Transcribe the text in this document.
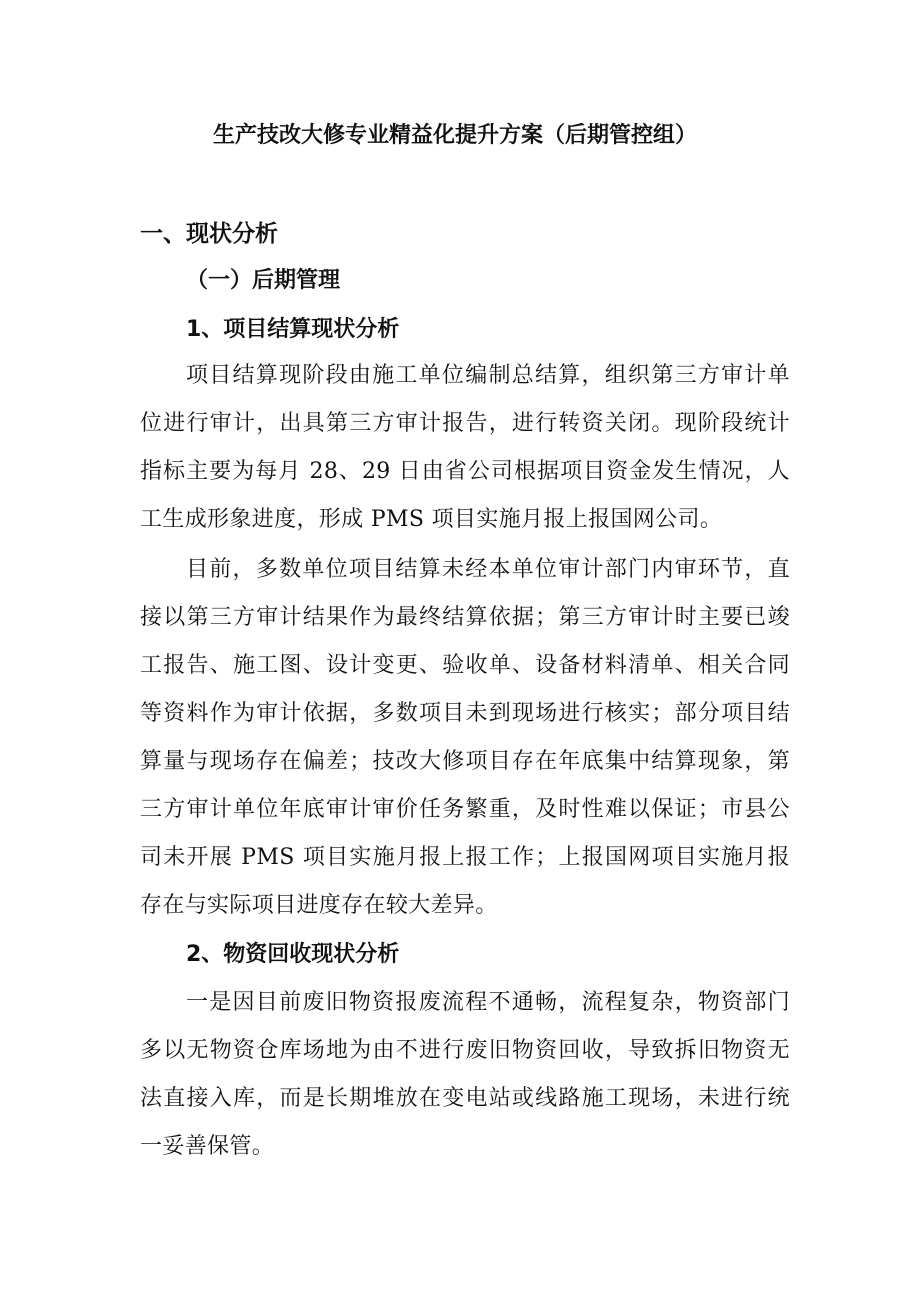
生产技改大修专业精益化提升方案（后期管控组）
一、现状分析
（一）后期管理
1、项目结算现状分析
项目结算现阶段由施工单位编制总结算，组织第三方审计单
位进行审计，出具第三方审计报告，进行转资关闭。现阶段统计
指标主要为每月 28、29 日由省公司根据项目资金发生情况，人
工生成形象进度，形成 PMS 项目实施月报上报国网公司。
目前，多数单位项目结算未经本单位审计部门内审环节，直
接以第三方审计结果作为最终结算依据；第三方审计时主要已竣
工报告、施工图、设计变更、验收单、设备材料清单、相关合同
等资料作为审计依据，多数项目未到现场进行核实；部分项目结
算量与现场存在偏差；技改大修项目存在年底集中结算现象，第
三方审计单位年底审计审价任务繁重，及时性难以保证；市县公
司未开展 PMS 项目实施月报上报工作；上报国网项目实施月报
存在与实际项目进度存在较大差异。
2、物资回收现状分析
一是因目前废旧物资报废流程不通畅，流程复杂，物资部门
多以无物资仓库场地为由不进行废旧物资回收，导致拆旧物资无
法直接入库，而是长期堆放在变电站或线路施工现场，未进行统
一妥善保管。
